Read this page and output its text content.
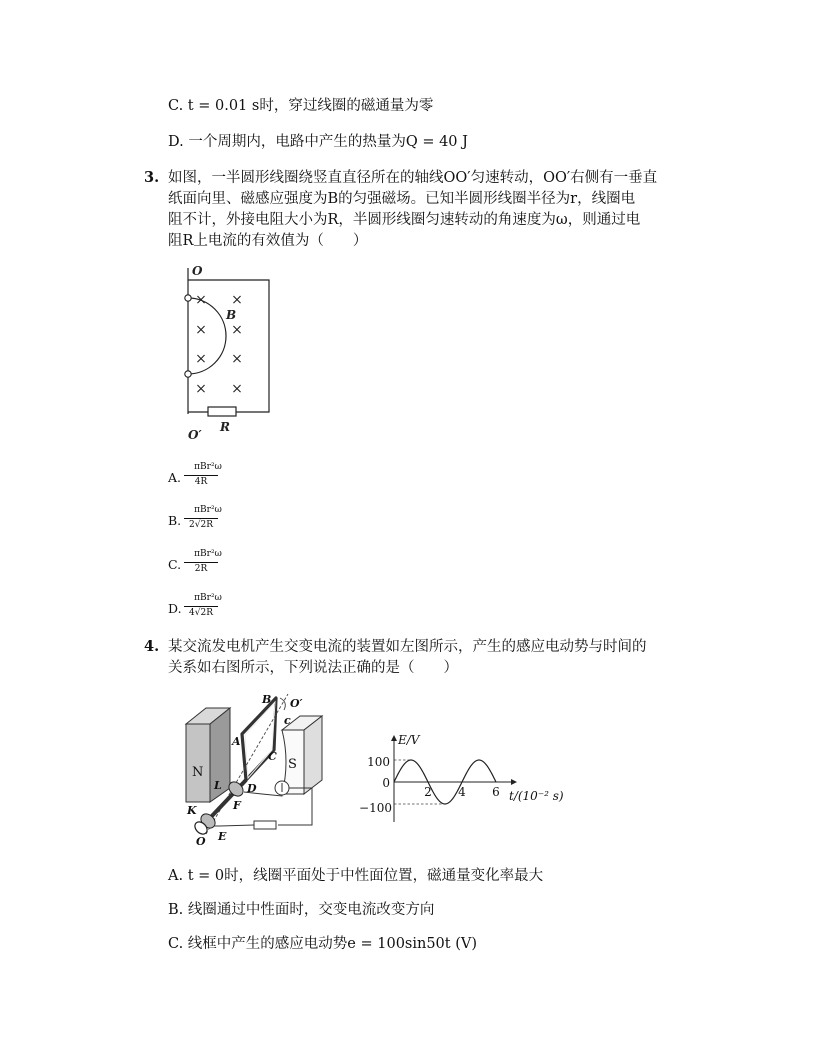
C. t = 0.01 s时，穿过线圈的磁通量为零
D. 一个周期内，电路中产生的热量为Q = 40 J
3. 如图，一半圆形线圈绕竖直直径所在的轴线OO′匀速转动，OO′右侧有一垂直
纸面向里、磁感应强度为B的匀强磁场。已知半圆形线圈半径为r，线圈电
阻不计，外接电阻大小为R，半圆形线圈匀速转动的角速度为ω，则通过电
阻R上电流的有效值为（　　）
× ×
× ×
× ×
× ×
O
B
R
O′
A.
πBr²ω
4R
B.
πBr²ω
2√2R
C.
πBr²ω
2R
D.
πBr²ω
4√2R
4. 某交流发电机产生交变电流的装置如左图所示，产生的感应电动势与时间的
关系如右图所示，下列说法正确的是（　　）
N
S
A
B O′
c
C
L D
F
K
O E
E/V
t/(10⁻² s)
100
0
−100
2 4 6
A. t = 0时，线圈平面处于中性面位置，磁通量变化率最大
B. 线圈通过中性面时，交变电流改变方向
C. 线框中产生的感应电动势e = 100sin50t (V)
